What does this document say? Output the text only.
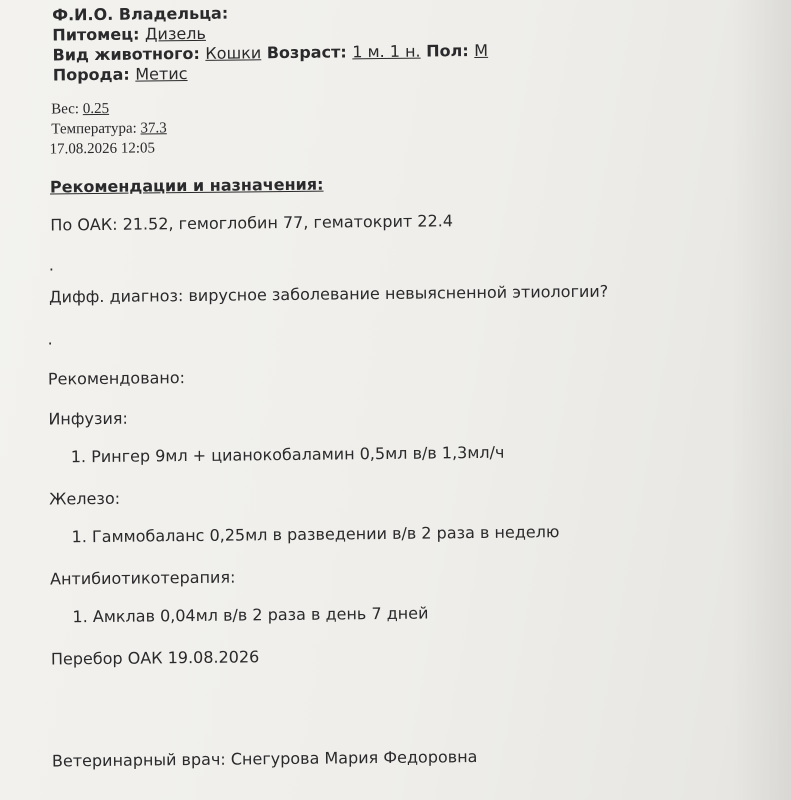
Ф.И.О. Владельца:
Питомец: Дизель
Вид животного: Кошки Возраст: 1 м. 1 н. Пол: М
Порода: Метис
Вес: 0.25
Температура: 37.3
17.08.2026 12:05
Рекомендации и назначения:
По ОАК: 21.52, гемоглобин 77, гематокрит 22.4
.
Дифф. диагноз: вирусное заболевание невыясненной этиологии?
.
Рекомендовано:
Инфузия:
1. Рингер 9мл + цианокобаламин 0,5мл в/в 1,3мл/ч
Железо:
1. Гаммобаланс 0,25мл в разведении в/в 2 раза в неделю
Антибиотикотерапия:
1. Амклав 0,04мл в/в 2 раза в день 7 дней
Перебор ОАК 19.08.2026
Ветеринарный врач: Снегурова Мария Федоровна
